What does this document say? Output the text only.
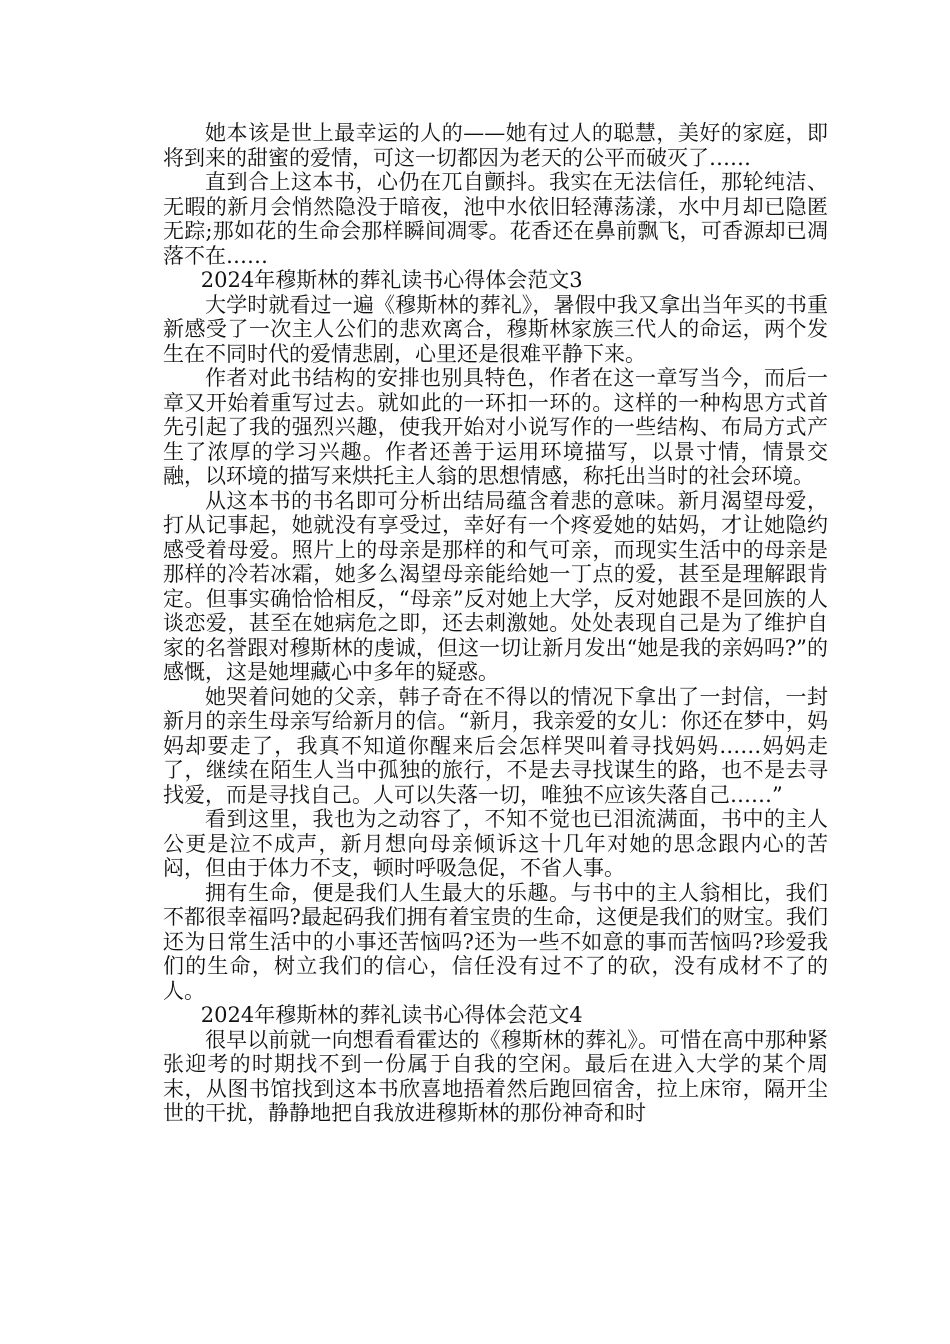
她本该是世上最幸运的人的——她有过人的聪慧，美好的家庭，即将到来的甜蜜的爱情，可这一切都因为老天的公平而破灭了……

直到合上这本书，心仍在兀自颤抖。我实在无法信任，那轮纯洁、无暇的新月会悄然隐没于暗夜，池中水依旧轻薄荡漾，水中月却已隐匿无踪;那如花的生命会那样瞬间凋零。花香还在鼻前飘飞，可香源却已凋落不在……

2024年穆斯林的葬礼读书心得体会范文3

大学时就看过一遍《穆斯林的葬礼》，暑假中我又拿出当年买的书重新感受了一次主人公们的悲欢离合，穆斯林家族三代人的命运，两个发生在不同时代的爱情悲剧，心里还是很难平静下来。

作者对此书结构的安排也别具特色，作者在这一章写当今，而后一章又开始着重写过去。就如此的一环扣一环的。这样的一种构思方式首先引起了我的强烈兴趣，使我开始对小说写作的一些结构、布局方式产生了浓厚的学习兴趣。作者还善于运用环境描写，以景寸情，情景交融，以环境的描写来烘托主人翁的思想情感，称托出当时的社会环境。

从这本书的书名即可分析出结局蕴含着悲的意味。新月渴望母爱，打从记事起，她就没有享受过，幸好有一个疼爱她的姑妈，才让她隐约感受着母爱。照片上的母亲是那样的和气可亲，而现实生活中的母亲是那样的冷若冰霜，她多么渴望母亲能给她一丁点的爱，甚至是理解跟肯定。但事实确恰恰相反，“母亲”反对她上大学，反对她跟不是回族的人谈恋爱，甚至在她病危之即，还去刺激她。处处表现自己是为了维护自家的名誉跟对穆斯林的虔诚，但这一切让新月发出“她是我的亲妈吗?”的感慨，这是她埋藏心中多年的疑惑。

她哭着问她的父亲，韩子奇在不得以的情况下拿出了一封信，一封新月的亲生母亲写给新月的信。“新月，我亲爱的女儿：你还在梦中，妈妈却要走了，我真不知道你醒来后会怎样哭叫着寻找妈妈……妈妈走了，继续在陌生人当中孤独的旅行，不是去寻找谋生的路，也不是去寻找爱，而是寻找自己。人可以失落一切，唯独不应该失落自己……”

看到这里，我也为之动容了，不知不觉也已泪流满面，书中的主人公更是泣不成声，新月想向母亲倾诉这十几年对她的思念跟内心的苦闷，但由于体力不支，顿时呼吸急促，不省人事。

拥有生命，便是我们人生最大的乐趣。与书中的主人翁相比，我们不都很幸福吗?最起码我们拥有着宝贵的生命，这便是我们的财宝。我们还为日常生活中的小事还苦恼吗?还为一些不如意的事而苦恼吗?珍爱我们的生命，树立我们的信心，信任没有过不了的砍，没有成材不了的人。

2024年穆斯林的葬礼读书心得体会范文4

很早以前就一向想看看霍达的《穆斯林的葬礼》。可惜在高中那种紧张迎考的时期找不到一份属于自我的空闲。最后在进入大学的某个周末，从图书馆找到这本书欣喜地捂着然后跑回宿舍，拉上床帘，隔开尘世的干扰，静静地把自我放进穆斯林的那份神奇和时
